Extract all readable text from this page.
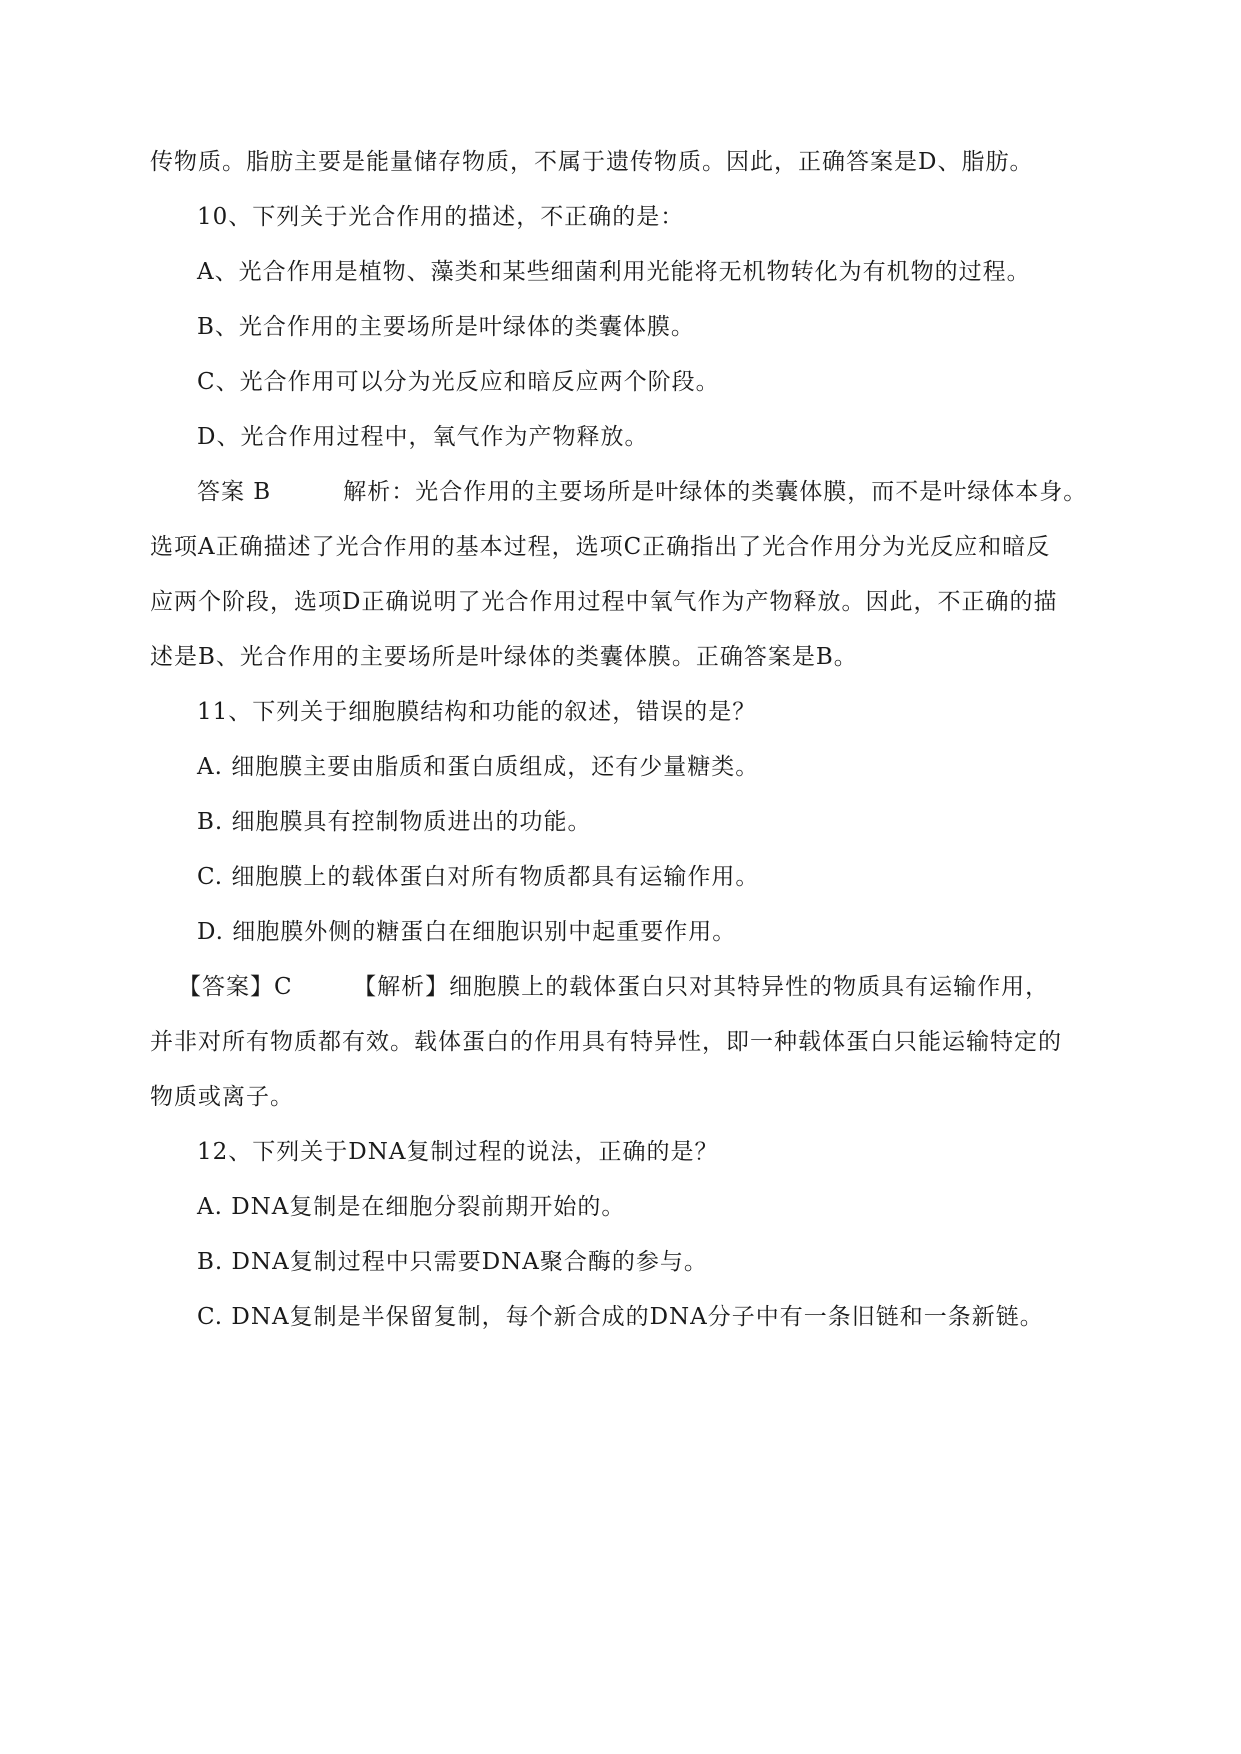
传物质。脂肪主要是能量储存物质，不属于遗传物质。因此，正确答案是D、脂肪。
10、下列关于光合作用的描述，不正确的是：
A、光合作用是植物、藻类和某些细菌利用光能将无机物转化为有机物的过程。
B、光合作用的主要场所是叶绿体的类囊体膜。
C、光合作用可以分为光反应和暗反应两个阶段。
D、光合作用过程中，氧气作为产物释放。
答案 B　　　解析：光合作用的主要场所是叶绿体的类囊体膜，而不是叶绿体本身。
选项A正确描述了光合作用的基本过程，选项C正确指出了光合作用分为光反应和暗反
应两个阶段，选项D正确说明了光合作用过程中氧气作为产物释放。因此，不正确的描
述是B、光合作用的主要场所是叶绿体的类囊体膜。正确答案是B。
11、下列关于细胞膜结构和功能的叙述，错误的是？
A. 细胞膜主要由脂质和蛋白质组成，还有少量糖类。
B. 细胞膜具有控制物质进出的功能。
C. 细胞膜上的载体蛋白对所有物质都具有运输作用。
D. 细胞膜外侧的糖蛋白在细胞识别中起重要作用。
【答案】C　　　【解析】细胞膜上的载体蛋白只对其特异性的物质具有运输作用，
并非对所有物质都有效。载体蛋白的作用具有特异性，即一种载体蛋白只能运输特定的
物质或离子。
12、下列关于DNA复制过程的说法，正确的是？
A. DNA复制是在细胞分裂前期开始的。
B. DNA复制过程中只需要DNA聚合酶的参与。
C. DNA复制是半保留复制，每个新合成的DNA分子中有一条旧链和一条新链。
